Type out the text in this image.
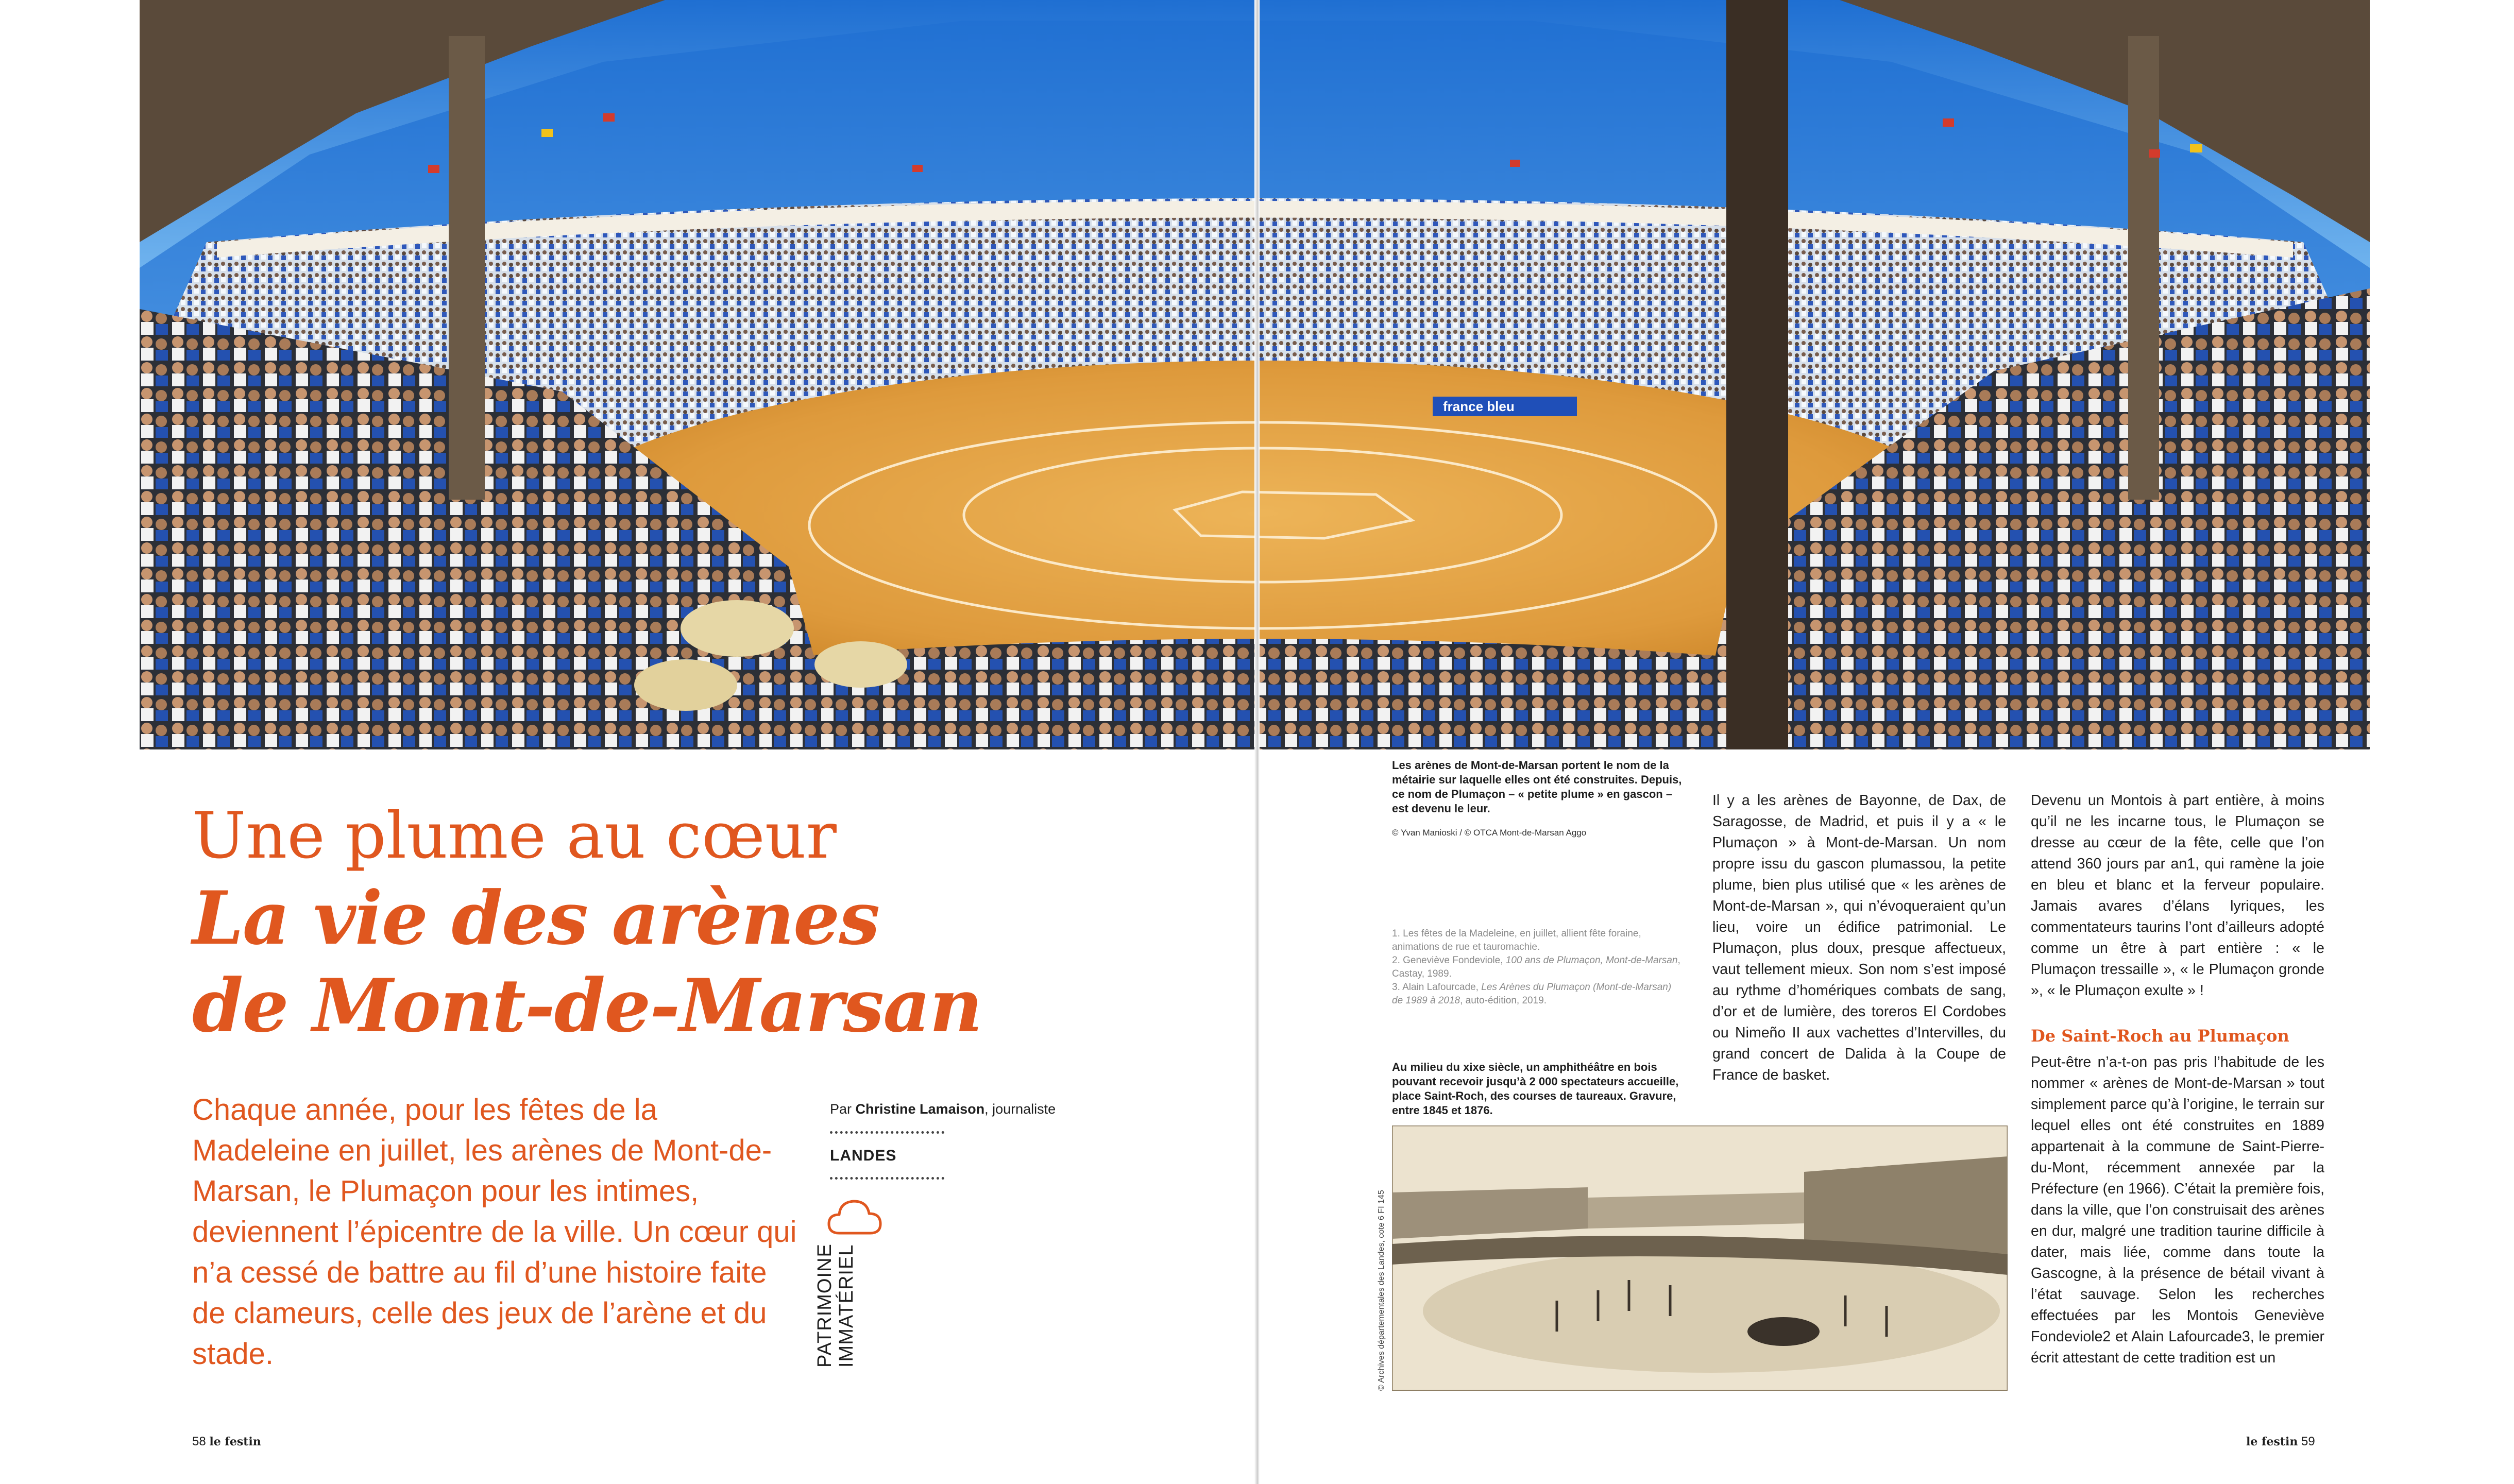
france bleu
Une plume au cœur
La vie des arènes
de Mont-de-Marsan
Chaque année, pour les fêtes de la Madeleine en juillet, les arènes de Mont-de-Marsan, le Plumaçon pour les intimes, deviennent l’épicentre de la ville. Un cœur qui n’a cessé de battre au fil d’une histoire faite de clameurs, celle des jeux de l’arène et du stade.
Par Christine Lamaison, journaliste
LANDES
PATRIMOINE IMMATÉRIEL
58 le festin
Les arènes de Mont-de-Marsan portent le nom de la métairie sur laquelle elles ont été construites. Depuis, ce nom de Plumaçon – « petite plume » en gascon – est devenu le leur.
© Yvan Manioski / © OTCA Mont-de-Marsan Aggo
1. Les fêtes de la Madeleine, en juillet, allient fête foraine, animations de rue et tauromachie.
2. Geneviève Fondeviole, 100 ans de Plumaçon, Mont-de-Marsan, Castay, 1989.
3. Alain Lafourcade, Les Arènes du Plumaçon (Mont-de-Marsan) de 1989 à 2018, auto-édition, 2019.
Au milieu du xixe siècle, un amphithéâtre en bois pouvant recevoir jusqu’à 2 000 spectateurs accueille, place Saint-Roch, des courses de taureaux. Gravure, entre 1845 et 1876.
© Archives départementales des Landes, cote 6 FI 145
Il y a les arènes de Bayonne, de Dax, de Saragosse, de Madrid, et puis il y a « le Plumaçon » à Mont-de-Marsan. Un nom propre issu du gascon plumassou, la petite plume, bien plus utilisé que « les arènes de Mont-de-Marsan », qui n’évoqueraient qu’un lieu, voire un édifice patrimonial. Le Plumaçon, plus doux, presque affectueux, vaut tellement mieux. Son nom s’est imposé au rythme d’homériques combats de sang, d’or et de lumière, des toreros El Cordobes ou Nimeño II aux vachettes d’Intervilles, du grand concert de Dalida à la Coupe de France de basket.
Devenu un Montois à part entière, à moins qu’il ne les incarne tous, le Plumaçon se dresse au cœur de la fête, celle que l’on attend 360 jours par an1, qui ramène la joie en bleu et blanc et la ferveur populaire. Jamais avares d’élans lyriques, les commentateurs taurins l’ont d’ailleurs adopté comme un être à part entière : « le Plumaçon tressaille », « le Plumaçon gronde », « le Plumaçon exulte » !
De Saint-Roch au Plumaçon
Peut-être n’a-t-on pas pris l’habitude de les nommer « arènes de Mont-de-Marsan » tout simplement parce qu’à l’origine, le terrain sur lequel elles ont été construites en 1889 appartenait à la commune de Saint-Pierre-du-Mont, récemment annexée par la Préfecture (en 1966). C’était la première fois, dans la ville, que l’on construisait des arènes en dur, malgré une tradition taurine difficile à dater, mais liée, comme dans toute la Gascogne, à la présence de bétail vivant à l’état sauvage. Selon les recherches effectuées par les Montois Geneviève Fondeviole2 et Alain Lafourcade3, le premier écrit attestant de cette tradition est un
le festin 59
